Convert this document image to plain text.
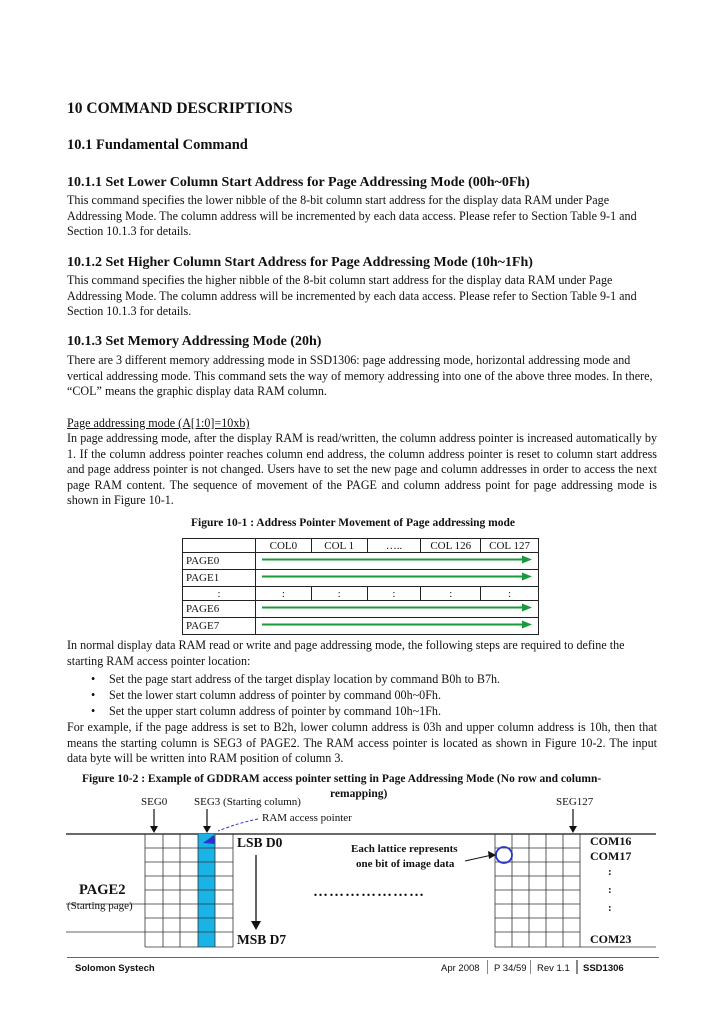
10 COMMAND DESCRIPTIONS
10.1 Fundamental Command
10.1.1 Set Lower Column Start Address for Page Addressing Mode (00h~0Fh)
This command specifies the lower nibble of the 8-bit column start address for the display data RAM under Page Addressing Mode. The column address will be incremented by each data access. Please refer to Section Table 9-1 and Section 10.1.3 for details.
10.1.2 Set Higher Column Start Address for Page Addressing Mode (10h~1Fh)
This command specifies the higher nibble of the 8-bit column start address for the display data RAM under Page Addressing Mode. The column address will be incremented by each data access. Please refer to Section Table 9-1 and Section 10.1.3 for details.
10.1.3 Set Memory Addressing Mode (20h)
There are 3 different memory addressing mode in SSD1306: page addressing mode, horizontal addressing mode and vertical addressing mode. This command sets the way of memory addressing into one of the above three modes. In there, “COL” means the graphic display data RAM column.
Page addressing mode (A[1:0]=10xb)
In page addressing mode, after the display RAM is read/written, the column address pointer is increased automatically by 1. If the column address pointer reaches column end address, the column address pointer is reset to column start address and page address pointer is not changed. Users have to set the new page and column addresses in order to access the next page RAM content. The sequence of movement of the PAGE and column address point for page addressing mode is shown in Figure 10-1.
Figure 10-1 : Address Pointer Movement of Page addressing mode
	COL0	COL 1	…..	COL 126	COL 127
PAGE0	
PAGE1	
:	:	:	:	:	:
PAGE6	
PAGE7	
In normal display data RAM read or write and page addressing mode, the following steps are required to define the starting RAM access pointer location:
• Set the page start address of the target display location by command B0h to B7h.
• Set the lower start column address of pointer by command 00h~0Fh.
• Set the upper start column address of pointer by command 10h~1Fh.
For example, if the page address is set to B2h, lower column address is 03h and upper column address is 10h, then that means the starting column is SEG3 of PAGE2. The RAM access pointer is located as shown in Figure 10-2. The input data byte will be written into RAM position of column 3.
Figure 10-2 : Example of GDDRAM access pointer setting in Page Addressing Mode (No row and column-
remapping)
SEG0 SEG3 (Starting column)	SEG127
RAM access pointer
LSB D0
MSB D7
Each lattice represents
one bit of image data
…………………
PAGE2
(Starting page)
COM16
COM17
:
:
:
COM23
Solomon Systech	Apr 2008 P 34/59 Rev 1.1 SSD1306
